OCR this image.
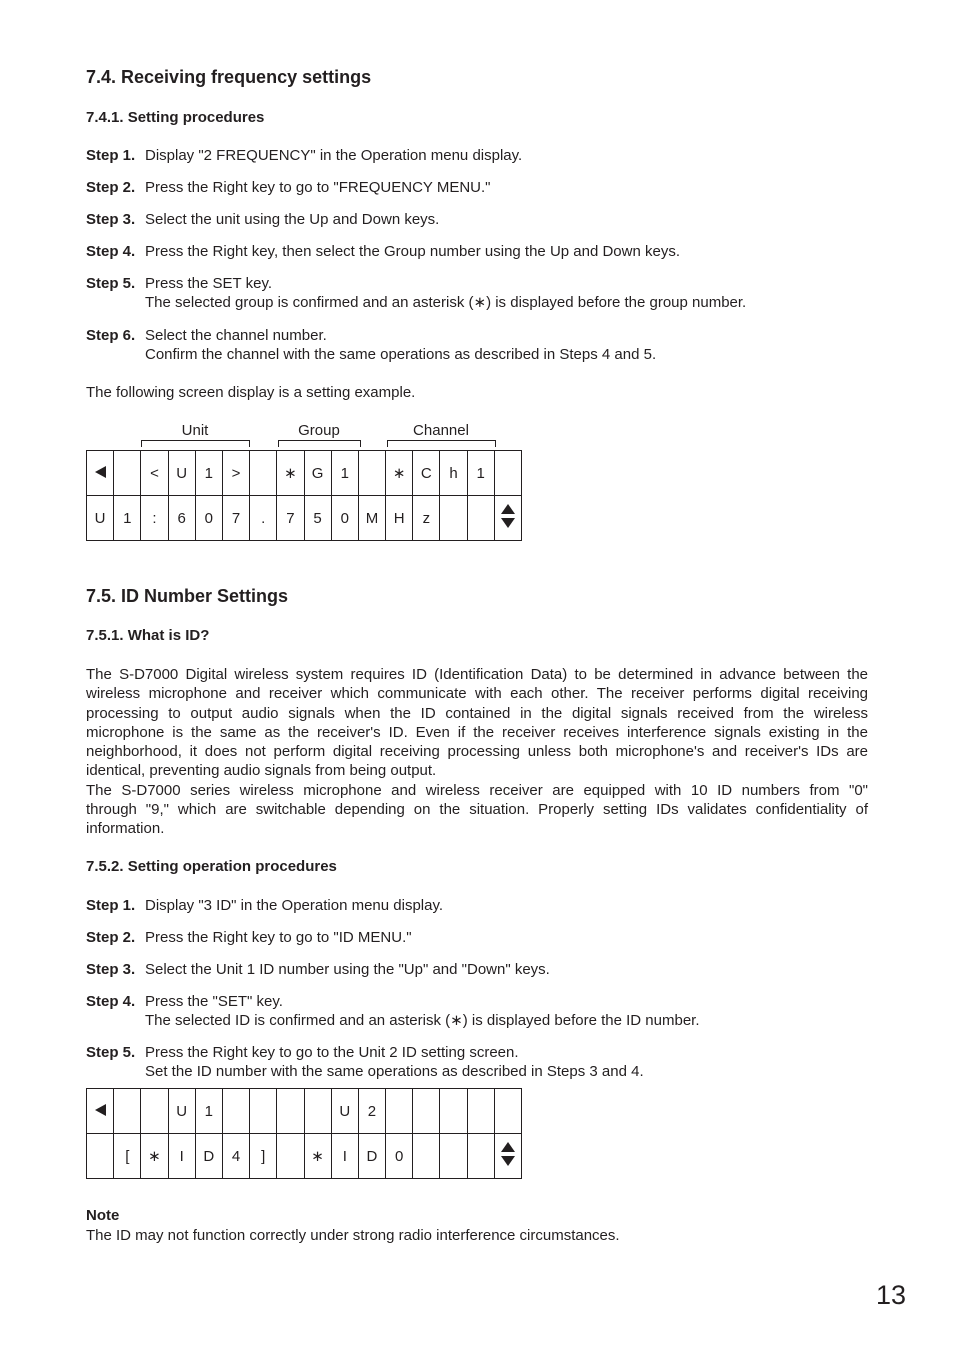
7.4. Receiving frequency settings
7.4.1. Setting procedures
Step 1. Display "2 FREQUENCY" in the Operation menu display.
Step 2. Press the Right key to go to "FREQUENCY MENU."
Step 3. Select the unit using the Up and Down keys.
Step 4. Press the Right key, then select the Group number using the Up and Down keys.
Step 5. Press the SET key.
The selected group is confirmed and an asterisk (∗) is displayed before the group number.
Step 6. Select the channel number.
Confirm the channel with the same operations as described in Steps 4 and 5.
The following screen display is a setting example.
Unit	Group	Channel
		<	U	1	>		∗	G	1		∗	C	h	1	
U	1	:	6	0	7	.	7	5	0	M	H	z			
7.5. ID Number Settings
7.5.1. What is ID?
The S-D7000 Digital wireless system requires ID (Identification Data) to be determined in advance between the
wireless microphone and receiver which communicate with each other. The receiver performs digital receiving
processing to output audio signals when the ID contained in the digital signals received from the wireless
microphone is the same as the receiver's ID. Even if the receiver receives interference signals existing in the
neighborhood, it does not perform digital receiving processing unless both microphone's and receiver's IDs are
identical, preventing audio signals from being output.
The S-D7000 series wireless microphone and wireless receiver are equipped with 10 ID numbers from "0"
through "9," which are switchable depending on the situation. Properly setting IDs validates confidentiality of
information.
7.5.2. Setting operation procedures
Step 1. Display "3 ID" in the Operation menu display.
Step 2. Press the Right key to go to "ID MENU."
Step 3. Select the Unit 1 ID number using the "Up" and "Down" keys.
Step 4. Press the "SET" key.
The selected ID is confirmed and an asterisk (∗) is displayed before the ID number.
Step 5. Press the Right key to go to the Unit 2 ID setting screen.
Set the ID number with the same operations as described in Steps 3 and 4.
			U	1					U	2					
	[	∗	I	D	4	]		∗	I	D	0				
Note
The ID may not function correctly under strong radio interference circumstances.
13
